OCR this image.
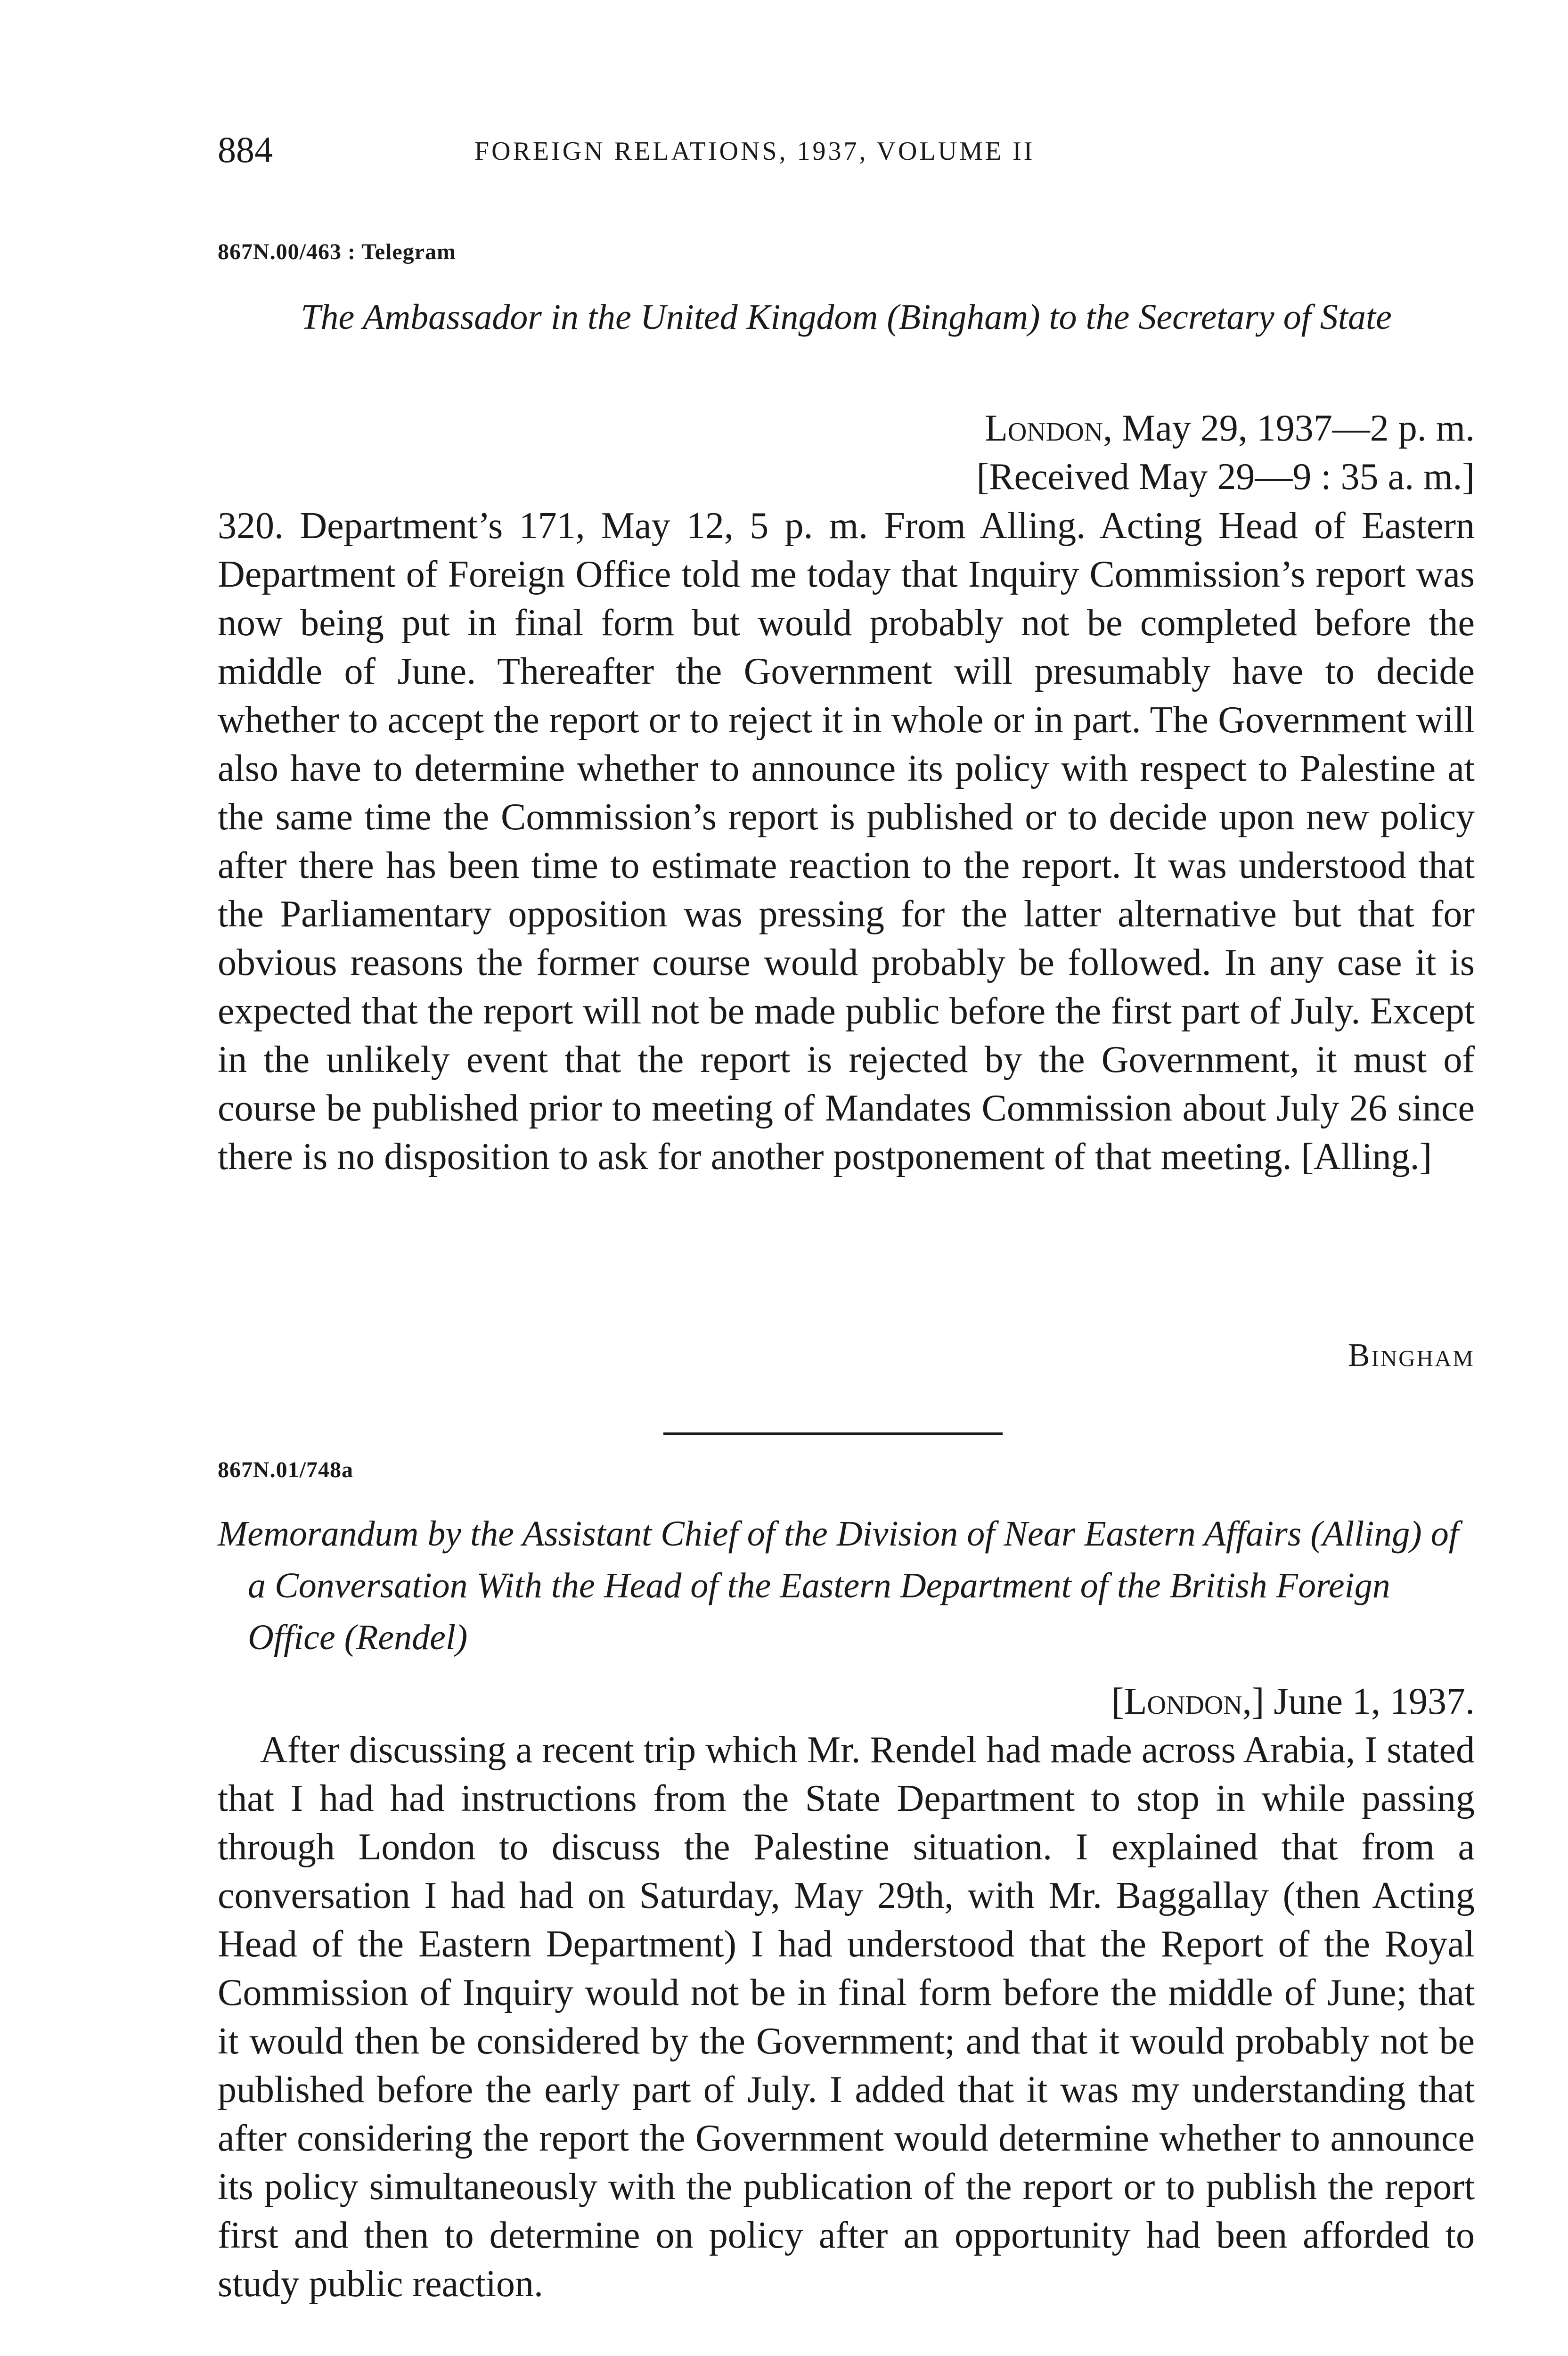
884	FOREIGN RELATIONS, 1937, VOLUME II
867N.00/463 : Telegram
The Ambassador in the United Kingdom (Bingham) to the Secretary of State
London, May 29, 1937—2 p. m.
[Received May 29—9 : 35 a. m.]
320. Department’s 171, May 12, 5 p. m. From Alling. Acting Head of Eastern Department of Foreign Office told me today that Inquiry Commission’s report was now being put in final form but would probably not be completed before the middle of June. Thereafter the Government will presumably have to decide whether to accept the report or to reject it in whole or in part. The Government will also have to determine whether to announce its policy with respect to Palestine at the same time the Commission’s report is published or to decide upon new policy after there has been time to estimate reaction to the report. It was understood that the Parliamentary opposition was pressing for the latter alternative but that for obvious reasons the former course would probably be followed. In any case it is expected that the report will not be made public before the first part of July. Except in the unlikely event that the report is rejected by the Government, it must of course be published prior to meeting of Mandates Commission about July 26 since there is no disposition to ask for another postponement of that meeting. [Alling.]
Bingham
867N.01/748a
Memorandum by the Assistant Chief of the Division of Near Eastern Affairs (Alling) of a Conversation With the Head of the Eastern Department of the British Foreign Office (Rendel)
[London,] June 1, 1937.
After discussing a recent trip which Mr. Rendel had made across Arabia, I stated that I had had instructions from the State Department to stop in while passing through London to discuss the Palestine situation. I explained that from a conversation I had had on Saturday, May 29th, with Mr. Baggallay (then Acting Head of the Eastern Department) I had understood that the Report of the Royal Commission of Inquiry would not be in final form before the middle of June; that it would then be considered by the Government; and that it would probably not be published before the early part of July. I added that it was my understanding that after considering the report the Government would determine whether to announce its policy simultaneously with the publication of the report or to publish the report first and then to determine on policy after an opportunity had been afforded to study public reaction.
